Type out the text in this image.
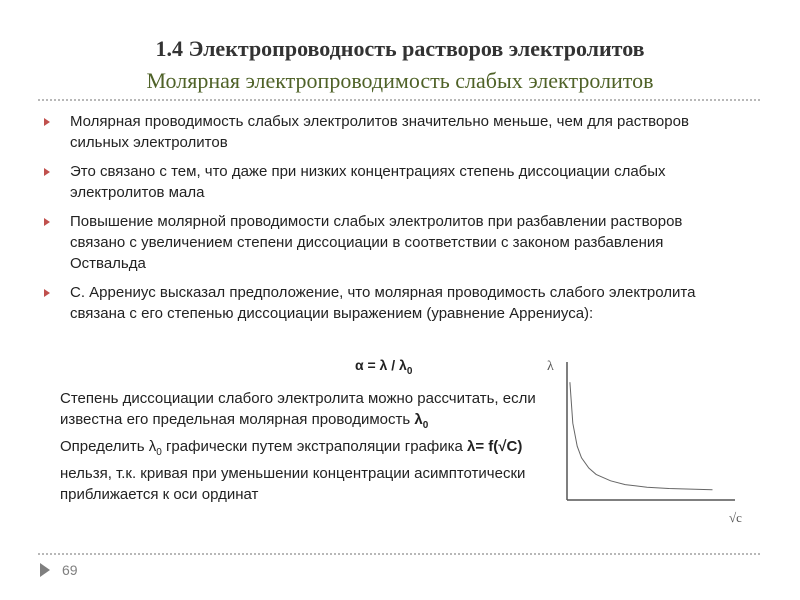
1.4 Электропроводность растворов электролитов
Молярная электропроводимость слабых электролитов
Молярная проводимость слабых электролитов значительно меньше, чем для растворов сильных электролитов
Это связано с тем, что даже при низких концентрациях степень диссоциации слабых электролитов мала
Повышение молярной проводимости слабых электролитов при разбавлении растворов связано с увеличением степени диссоциации в соответствии с законом разбавления Оствальда
С. Аррениус высказал предположение, что молярная проводимость слабого электролита связана с его степенью диссоциации выражением (уравнение Аррениуса):
$\alpha = \lambda / \lambda_0$

Степень диссоциации слабого электролита можно рассчитать, если известна его предельная молярная проводимость $\lambda_0$

Определить $\lambda_0$ графически путем экстраполяции графика λ= f(√C) нельзя, т.к. кривая при уменьшении концентрации асимптотически приближается к оси ординат

λ
√c
69
